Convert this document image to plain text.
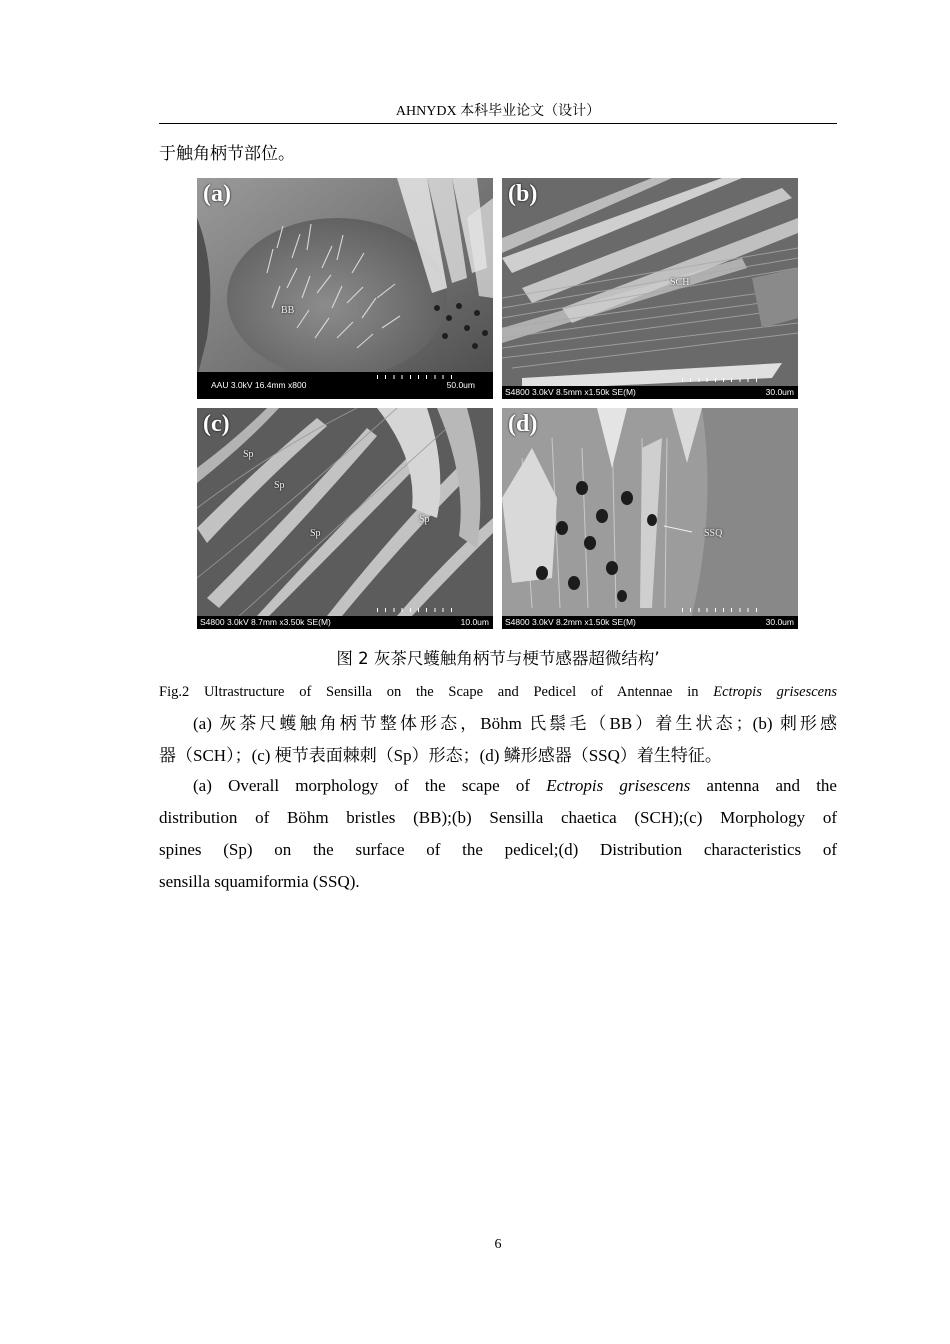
AHNYDX 本科毕业论文（设计）
于触角柄节部位。
(a)
BB
AAU 3.0kV 16.4mm x800	50.0um
(b)
SCH
S4800 3.0kV 8.5mm x1.50k SE(M)	30.0um
(c)
Sp
Sp
Sp
Sp
S4800 3.0kV 8.7mm x3.50k SE(M)	10.0um
(d)
SSQ
S4800 3.0kV 8.2mm x1.50k SE(M)	30.0um
图 2 灰茶尺蠖触角柄节与梗节感器超微结构’
Fig.2 Ultrastructure of Sensilla on the Scape and Pedicel of Antennae in Ectropis grisescens
(a) 灰茶尺蠖触角柄节整体形态，Böhm 氏鬃毛（BB）着生状态；(b) 刺形感
器（SCH）；(c) 梗节表面棘刺（Sp）形态；(d) 鳞形感器（SSQ）着生特征。
(a) Overall morphology of the scape of Ectropis grisescens antenna and the
distribution of Böhm bristles (BB);(b) Sensilla chaetica (SCH);(c) Morphology of
spines (Sp) on the surface of the pedicel;(d) Distribution characteristics of
sensilla squamiformia (SSQ).
6
